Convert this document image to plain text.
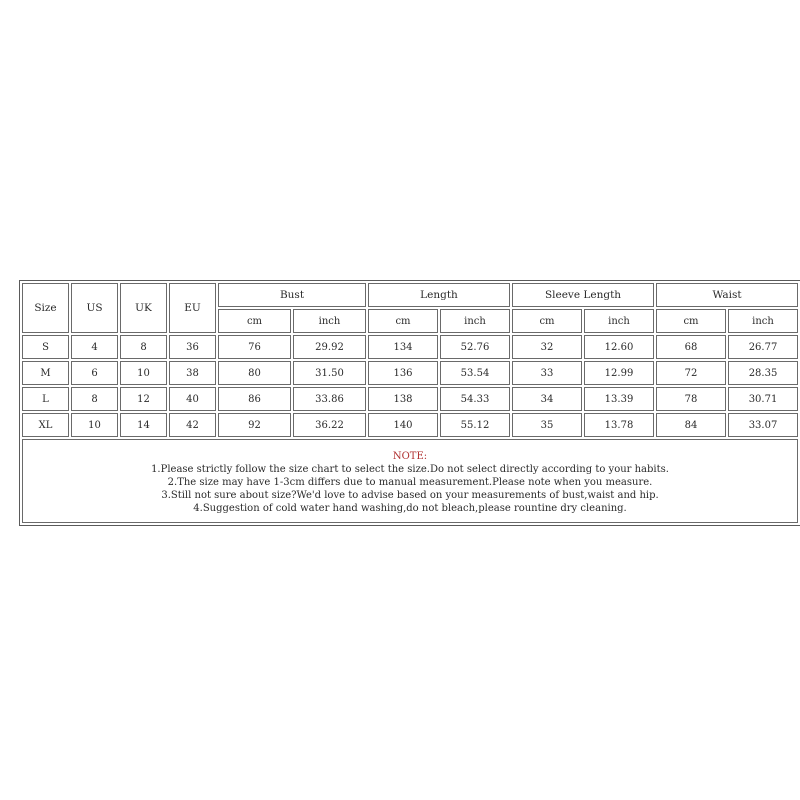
Size	US	UK	EU	Bust		Length		Sleeve Length		Waist	
				cm	inch	cm	inch	cm	inch	cm	inch
S	4	8	36	76	29.92	134	52.76	32	12.60	68	26.77
M	6	10	38	80	31.50	136	53.54	33	12.99	72	28.35
L	8	12	40	86	33.86	138	54.33	34	13.39	78	30.71
XL	10	14	42	92	36.22	140	55.12	35	13.78	84	33.07

NOTE:
1.Please strictly follow the size chart to select the size.Do not select directly according to your habits.
2.The size may have 1-3cm differs due to manual measurement.Please note when you measure.
3.Still not sure about size?We'd love to advise based on your measurements of bust,waist and hip.
4.Suggestion of cold water hand washing,do not bleach,please rountine dry cleaning.											
